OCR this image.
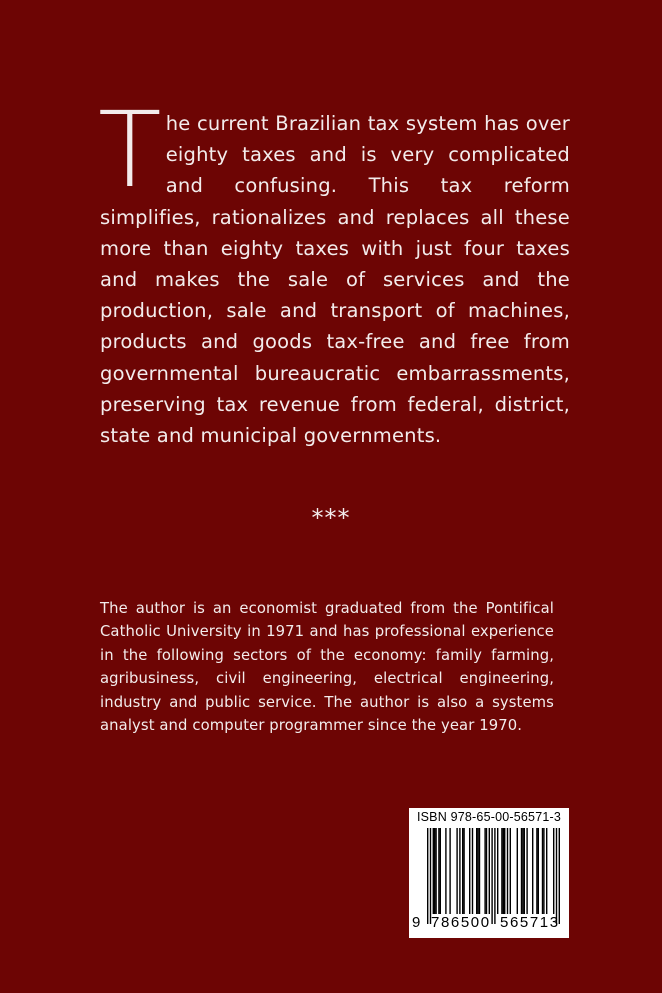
The current Brazilian tax system has over eighty taxes and is very complicated and confusing. This tax reform simplifies, rationalizes and replaces all these more than eighty taxes with just four taxes and makes the sale of services and the production, sale and transport of machines, products and goods tax-free and free from governmental bureaucratic embarrassments, preserving tax revenue from federal, district, state and municipal governments.

***

The author is an economist graduated from the Pontifical Catholic University in 1971 and has professional experience in the following sectors of the economy: family farming, agribusiness, civil engineering, electrical engineering, industry and public service. The author is also a systems analyst and computer programmer since the year 1970.

ISBN 978-65-00-56571-3
9 786500 565713
